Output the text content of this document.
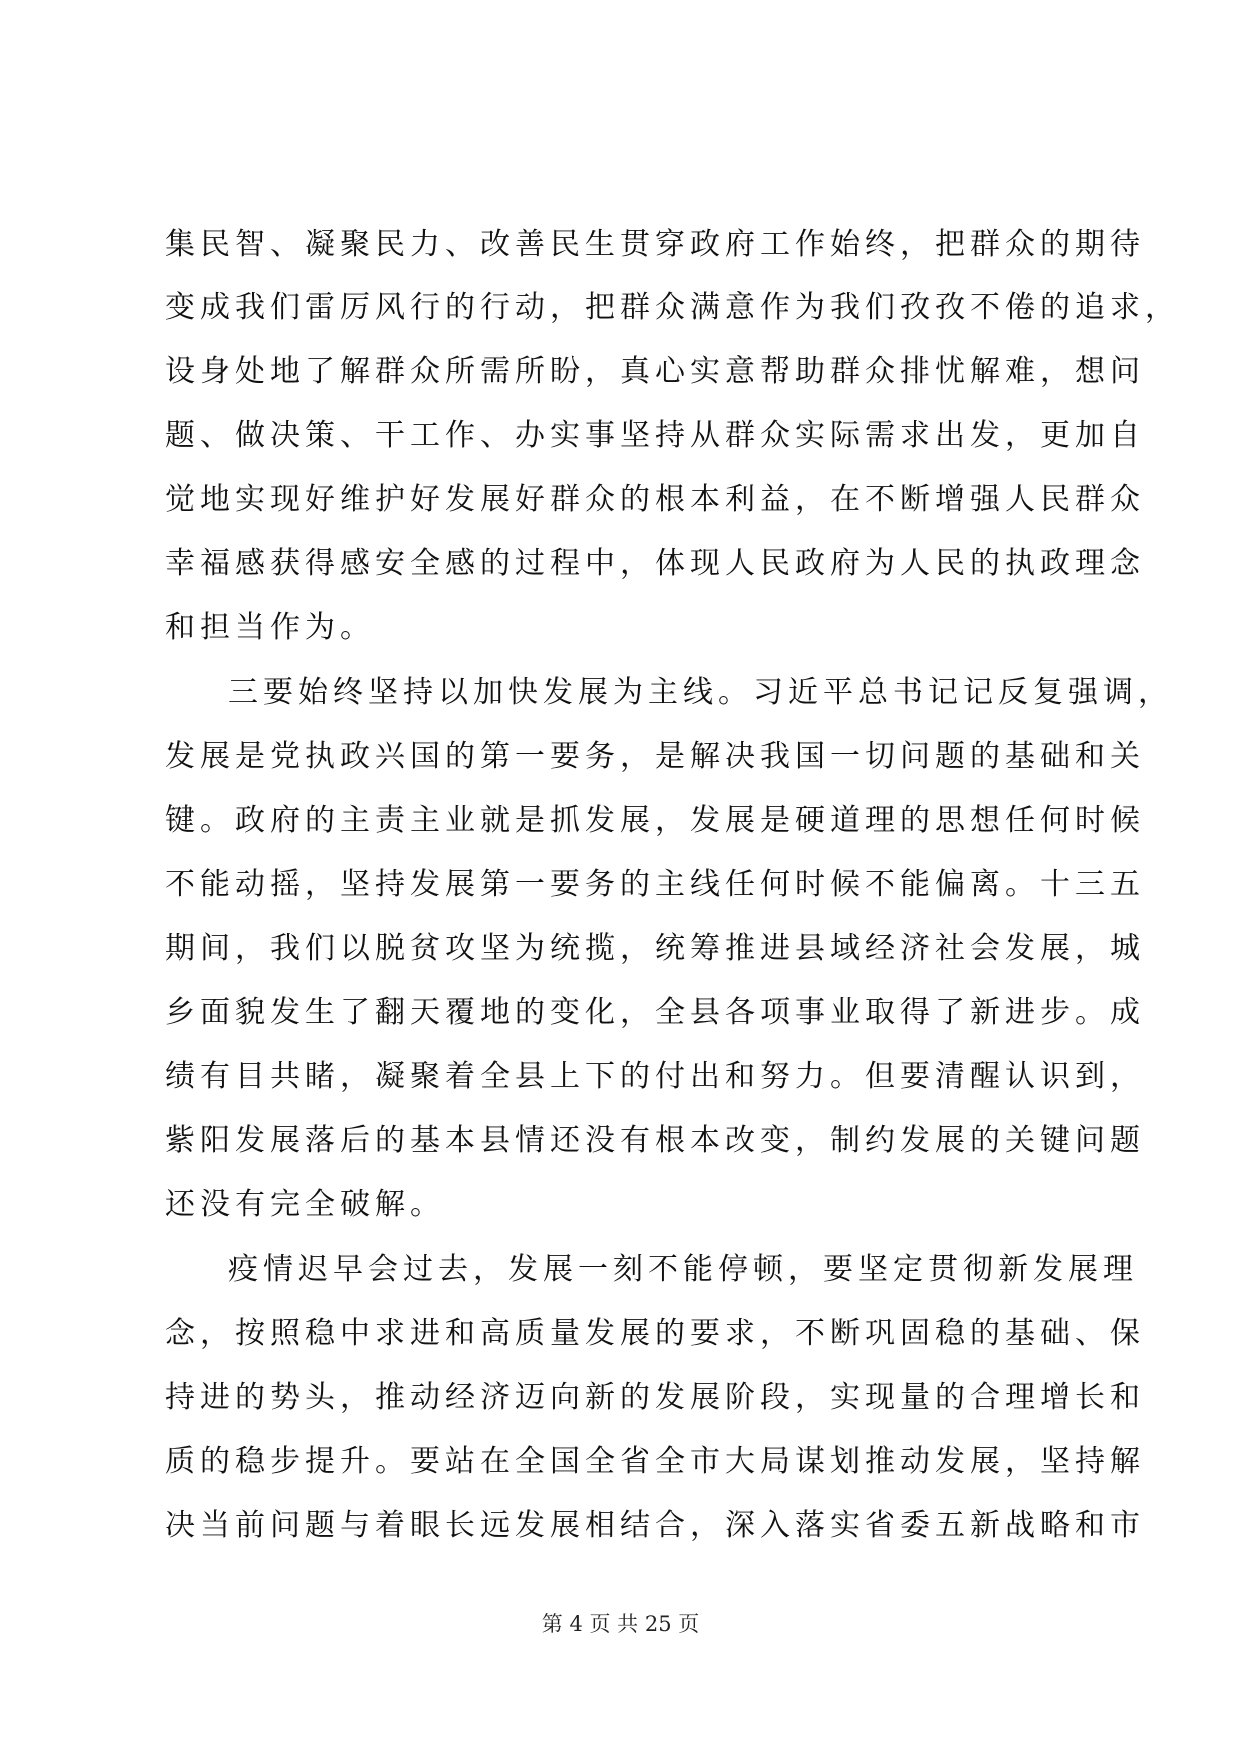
集民智、凝聚民力、改善民生贯穿政府工作始终，把群众的期待
变成我们雷厉风行的行动，把群众满意作为我们孜孜不倦的追求，
设身处地了解群众所需所盼，真心实意帮助群众排忧解难，想问
题、做决策、干工作、办实事坚持从群众实际需求出发，更加自
觉地实现好维护好发展好群众的根本利益，在不断增强人民群众
幸福感获得感安全感的过程中，体现人民政府为人民的执政理念
和担当作为。
三要始终坚持以加快发展为主线。习近平总书记记反复强调，
发展是党执政兴国的第一要务，是解决我国一切问题的基础和关
键。政府的主责主业就是抓发展，发展是硬道理的思想任何时候
不能动摇，坚持发展第一要务的主线任何时候不能偏离。十三五
期间，我们以脱贫攻坚为统揽，统筹推进县域经济社会发展，城
乡面貌发生了翻天覆地的变化，全县各项事业取得了新进步。成
绩有目共睹，凝聚着全县上下的付出和努力。但要清醒认识到，
紫阳发展落后的基本县情还没有根本改变，制约发展的关键问题
还没有完全破解。
疫情迟早会过去，发展一刻不能停顿，要坚定贯彻新发展理
念，按照稳中求进和高质量发展的要求，不断巩固稳的基础、保
持进的势头，推动经济迈向新的发展阶段，实现量的合理增长和
质的稳步提升。要站在全国全省全市大局谋划推动发展，坚持解
决当前问题与着眼长远发展相结合，深入落实省委五新战略和市
第 4 页 共 25 页
